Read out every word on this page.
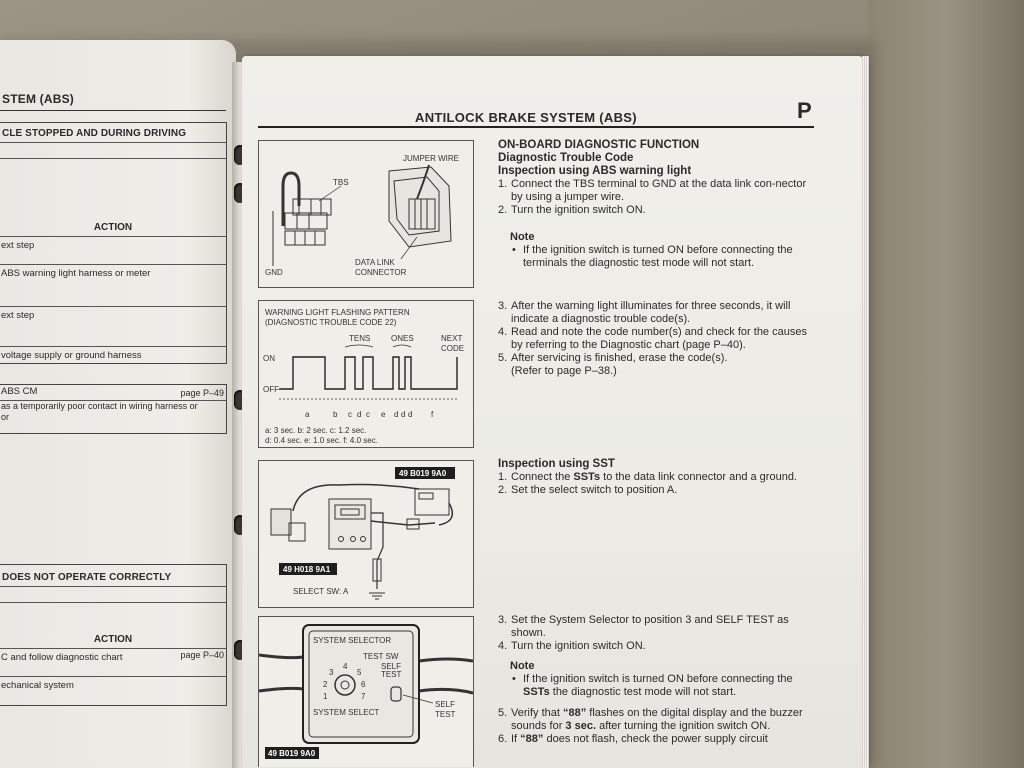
STEM (ABS)
CLE STOPPED AND DURING DRIVING
ACTION
ext step
ABS warning light harness or meter
ext step
voltage supply or ground harness
ABS CM	page P–49
as a temporarily poor contact in wiring harness or
or
DOES NOT OPERATE CORRECTLY
ACTION
C and follow diagnostic chart	page P–40
echanical system
ANTILOCK BRAKE SYSTEM (ABS)	P
TBS
JUMPER WIRE
GND
DATA LINK
CONNECTOR
WARNING LIGHT FLASHING PATTERN
(DIAGNOSTIC TROUBLE CODE 22)
TENS	ONES	NEXT
CODE
ON
OFF
a	b c d c e d d d f
a: 3 sec. b: 2 sec. c: 1.2 sec.
d: 0.4 sec. e: 1.0 sec. f: 4.0 sec.
49 B019 9A0
49 H018 9A1
SELECT SW: A
SYSTEM SELECTOR
TEST SW
SELF
TEST
1
2
3
4
5
6
7
SYSTEM SELECT
SELF
TEST
49 B019 9A0
ON-BOARD DIAGNOSTIC FUNCTION
Diagnostic Trouble Code
Inspection using ABS warning light
1. Connect the TBS terminal to GND at the data link con-nector by using a jumper wire.
2. Turn the ignition switch ON.
Note
• If the ignition switch is turned ON before connecting the terminals the diagnostic test mode will not start.
3. After the warning light illuminates for three seconds, it will indicate a diagnostic trouble code(s).
4. Read and note the code number(s) and check for the causes by referring to the Diagnostic chart (page P–40).
5. After servicing is finished, erase the code(s).
(Refer to page P–38.)
Inspection using SST
1. Connect the SSTs to the data link connector and a ground.
2. Set the select switch to position A.
3. Set the System Selector to position 3 and SELF TEST as shown.
4. Turn the ignition switch ON.
Note
• If the ignition switch is turned ON before connecting the SSTs the diagnostic test mode will not start.
5. Verify that “88” flashes on the digital display and the buzzer sounds for 3 sec. after turning the ignition switch ON.
6. If “88” does not flash, check the power supply circuit
